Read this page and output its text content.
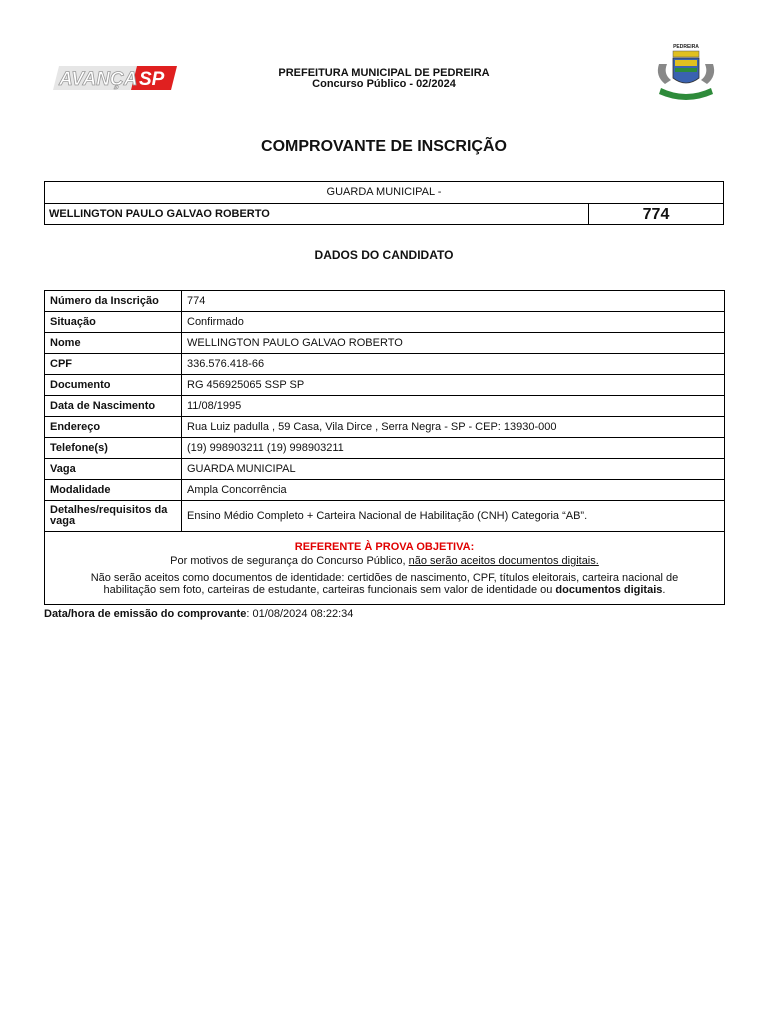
AVANÇA SP
PEDREIRA
PREFEITURA MUNICIPAL DE PEDREIRA
Concurso Público - 02/2024
COMPROVANTE DE INSCRIÇÃO
GUARDA MUNICIPAL -
WELLINGTON PAULO GALVAO ROBERTO	774
DADOS DO CANDIDATO
Número da Inscrição	774
Situação	Confirmado
Nome	WELLINGTON PAULO GALVAO ROBERTO
CPF	336.576.418-66
Documento	RG 456925065 SSP SP
Data de Nascimento	11/08/1995
Endereço	Rua Luiz padulla , 59 Casa, Vila Dirce , Serra Negra - SP - CEP: 13930-000
Telefone(s)	(19) 998903211 (19) 998903211
Vaga	GUARDA MUNICIPAL
Modalidade	Ampla Concorrência
Detalhes/requisitos da vaga	Ensino Médio Completo + Carteira Nacional de Habilitação (CNH) Categoria “AB”.
REFERENTE À PROVA OBJETIVA:
Por motivos de segurança do Concurso Público, não serão aceitos documentos digitais.
Não serão aceitos como documentos de identidade: certidões de nascimento, CPF, títulos eleitorais, carteira nacional de habilitação sem foto, carteiras de estudante, carteiras funcionais sem valor de identidade ou documentos digitais.
Data/hora de emissão do comprovante: 01/08/2024 08:22:34
